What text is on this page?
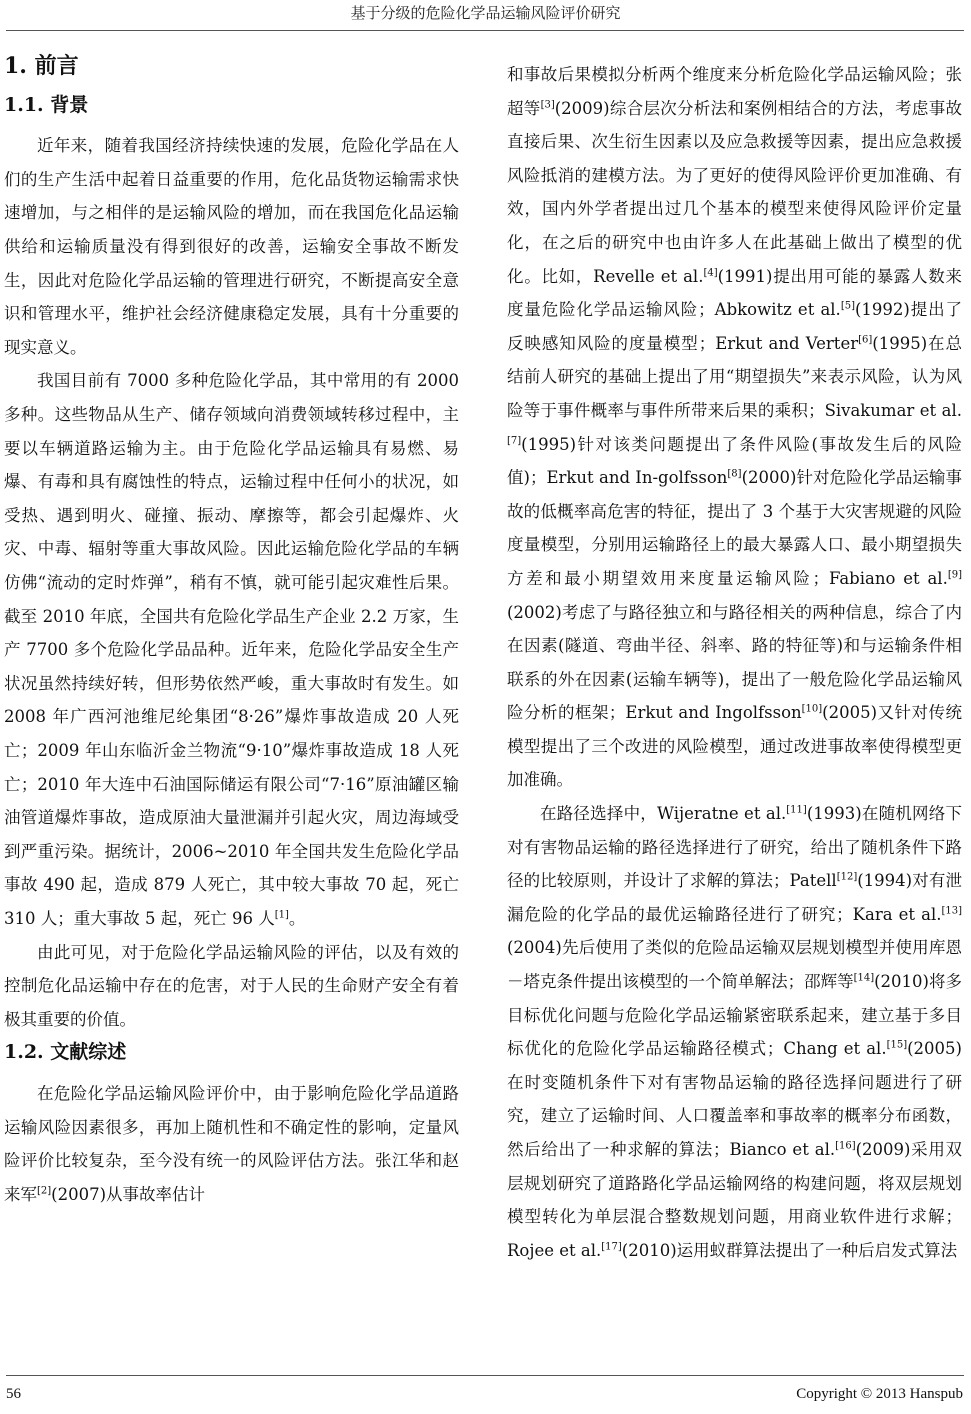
基于分级的危险化学品运输风险评价研究
1. 前言
1.1. 背景

近年来，随着我国经济持续快速的发展，危险化学品在人们的生产生活中起着日益重要的作用，危化品货物运输需求快速增加，与之相伴的是运输风险的增加，而在我国危化品运输供给和运输质量没有得到很好的改善，运输安全事故不断发生，因此对危险化学品运输的管理进行研究，不断提高安全意识和管理水平，维护社会经济健康稳定发展，具有十分重要的现实意义。

我国目前有 7000 多种危险化学品，其中常用的有 2000 多种。这些物品从生产、储存领域向消费领域转移过程中，主要以车辆道路运输为主。由于危险化学品运输具有易燃、易爆、有毒和具有腐蚀性的特点，运输过程中任何小的状况，如受热、遇到明火、碰撞、振动、摩擦等，都会引起爆炸、火灾、中毒、辐射等重大事故风险。因此运输危险化学品的车辆仿佛“流动的定时炸弹”，稍有不慎，就可能引起灾难性后果。截至 2010 年底，全国共有危险化学品生产企业 2.2 万家，生产 7700 多个危险化学品品种。近年来，危险化学品安全生产状况虽然持续好转，但形势依然严峻，重大事故时有发生。如 2008 年广西河池维尼纶集团“8·26”爆炸事故造成 20 人死亡；2009 年山东临沂金兰物流“9·10”爆炸事故造成 18 人死亡；2010 年大连中石油国际储运有限公司“7·16”原油罐区输油管道爆炸事故，造成原油大量泄漏并引起火灾，周边海域受到严重污染。据统计，2006~2010 年全国共发生危险化学品事故 490 起，造成 879 人死亡，其中较大事故 70 起，死亡 310 人；重大事故 5 起，死亡 96 人[1]。

由此可见，对于危险化学品运输风险的评估，以及有效的控制危化品运输中存在的危害，对于人民的生命财产安全有着极其重要的价值。

1.2. 文献综述

在危险化学品运输风险评价中，由于影响危险化学品道路运输风险因素很多，再加上随机性和不确定性的影响，定量风险评价比较复杂，至今没有统一的风险评估方法。张江华和赵来军[2](2007)从事故率估计

和事故后果模拟分析两个维度来分析危险化学品运输风险；张超等[3](2009)综合层次分析法和案例相结合的方法，考虑事故直接后果、次生衍生因素以及应急救援等因素，提出应急救援风险抵消的建模方法。为了更好的使得风险评价更加准确、有效，国内外学者提出过几个基本的模型来使得风险评价定量化，在之后的研究中也由许多人在此基础上做出了模型的优化。比如，Revelle et al.[4](1991)提出用可能的暴露人数来度量危险化学品运输风险；Abkowitz et al.[5](1992)提出了反映感知风险的度量模型；Erkut and Verter[6](1995)在总结前人研究的基础上提出了用“期望损失”来表示风险，认为风险等于事件概率与事件所带来后果的乘积；Sivakumar et al.[7](1995)针对该类问题提出了条件风险(事故发生后的风险值)；Erkut and In-golfsson[8](2000)针对危险化学品运输事故的低概率高危害的特征，提出了 3 个基于大灾害规避的风险度量模型，分别用运输路径上的最大暴露人口、最小期望损失方差和最小期望效用来度量运输风险；Fabiano et al.[9](2002)考虑了与路径独立和与路径相关的两种信息，综合了内在因素(隧道、弯曲半径、斜率、路的特征等)和与运输条件相联系的外在因素(运输车辆等)，提出了一般危险化学品运输风险分析的框架；Erkut and Ingolfsson[10](2005)又针对传统模型提出了三个改进的风险模型，通过改进事故率使得模型更加准确。

在路径选择中，Wijeratne et al.[11](1993)在随机网络下对有害物品运输的路径选择进行了研究，给出了随机条件下路径的比较原则，并设计了求解的算法；Patell[12](1994)对有泄漏危险的化学品的最优运输路径进行了研究；Kara et al.[13](2004)先后使用了类似的危险品运输双层规划模型并使用库恩－塔克条件提出该模型的一个简单解法；邵辉等[14](2010)将多目标优化问题与危险化学品运输紧密联系起来，建立基于多目标优化的危险化学品运输路径模式；Chang et al.[15](2005)在时变随机条件下对有害物品运输的路径选择问题进行了研究，建立了运输时间、人口覆盖率和事故率的概率分布函数，然后给出了一种求解的算法；Bianco et al.[16](2009)采用双层规划研究了道路路化学品运输网络的构建问题，将双层规划模型转化为单层混合整数规划问题，用商业软件进行求解；Rojee et al.[17](2010)运用蚁群算法提出了一种后启发式算法

56	Copyright © 2013 Hanspub
